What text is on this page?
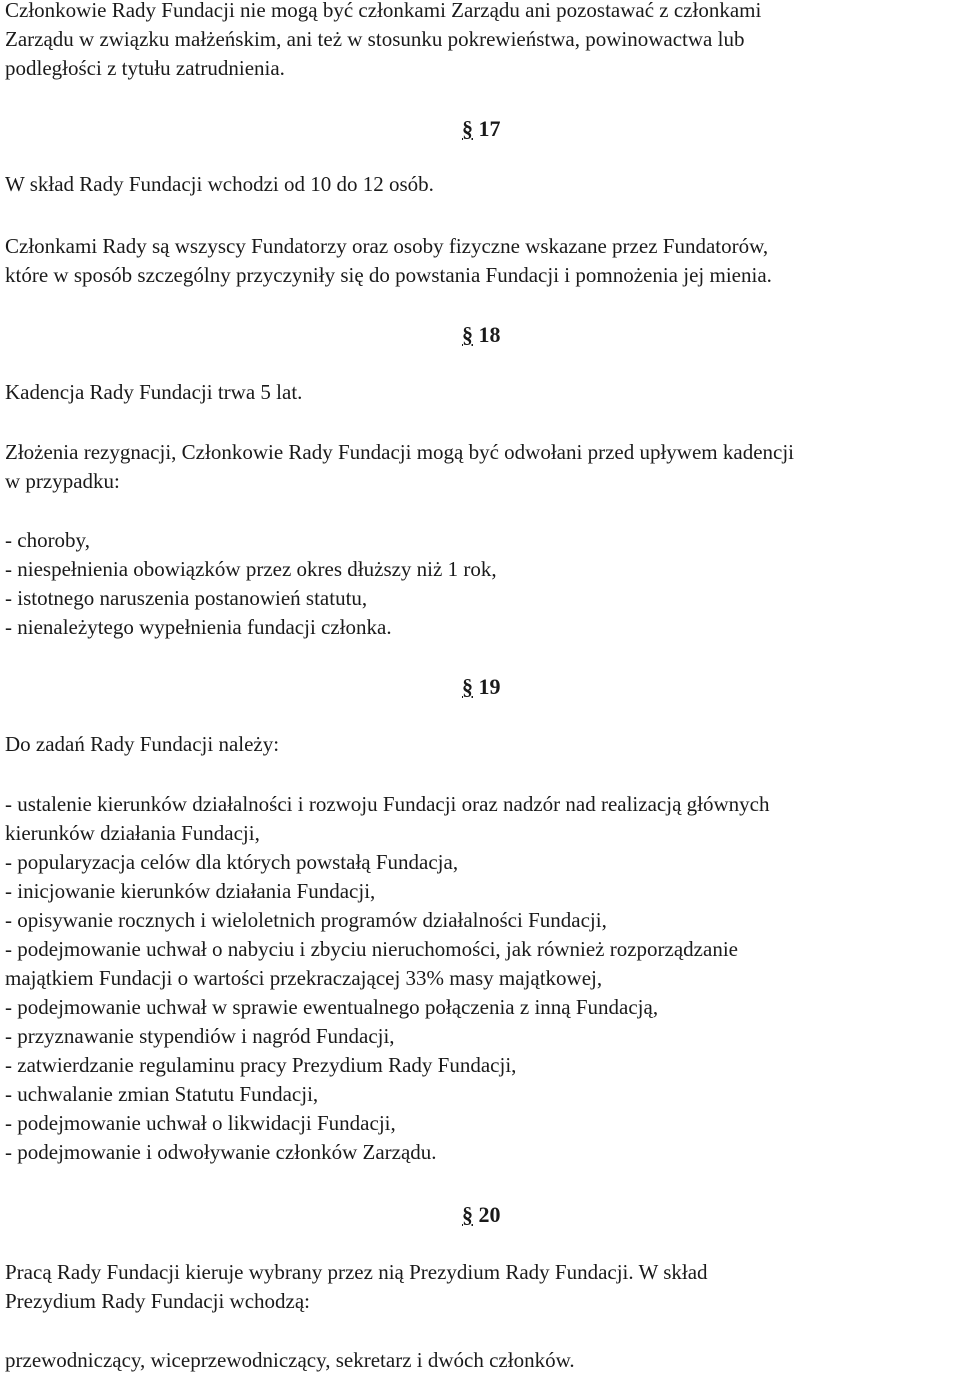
Członkowie Rady Fundacji nie mogą być członkami Zarządu ani pozostawać z członkami
Zarządu w związku małżeńskim, ani też w stosunku pokrewieństwa, powinowactwa lub
podległości z tytułu zatrudnienia.

§ 17

W skład Rady Fundacji wchodzi od 10 do 12 osób.

Członkami Rady są wszyscy Fundatorzy oraz osoby fizyczne wskazane przez Fundatorów,
które w sposób szczególny przyczyniły się do powstania Fundacji i pomnożenia jej mienia.

§ 18

Kadencja Rady Fundacji trwa 5 lat.

Złożenia rezygnacji, Członkowie Rady Fundacji mogą być odwołani przed upływem kadencji
w przypadku:

- choroby,
- niespełnienia obowiązków przez okres dłuższy niż 1 rok,
- istotnego naruszenia postanowień statutu,
- nienależytego wypełnienia fundacji członka.
§ 19

Do zadań Rady Fundacji należy:

- ustalenie kierunków działalności i rozwoju Fundacji oraz nadzór nad realizacją głównych
kierunków działania Fundacji,
- popularyzacja celów dla których powstałą Fundacja,
- inicjowanie kierunków działania Fundacji,
- opisywanie rocznych i wieloletnich programów działalności Fundacji,
- podejmowanie uchwał o nabyciu i zbyciu nieruchomości, jak również rozporządzanie
majątkiem Fundacji o wartości przekraczającej 33% masy majątkowej,
- podejmowanie uchwał w sprawie ewentualnego połączenia z inną Fundacją,
- przyznawanie stypendiów i nagród Fundacji,
- zatwierdzanie regulaminu pracy Prezydium Rady Fundacji,
- uchwalanie zmian Statutu Fundacji,
- podejmowanie uchwał o likwidacji Fundacji,
- podejmowanie i odwoływanie członków Zarządu.
§ 20

Pracą Rady Fundacji kieruje wybrany przez nią Prezydium Rady Fundacji. W skład
Prezydium Rady Fundacji wchodzą:

przewodniczący, wiceprzewodniczący, sekretarz i dwóch członków.
